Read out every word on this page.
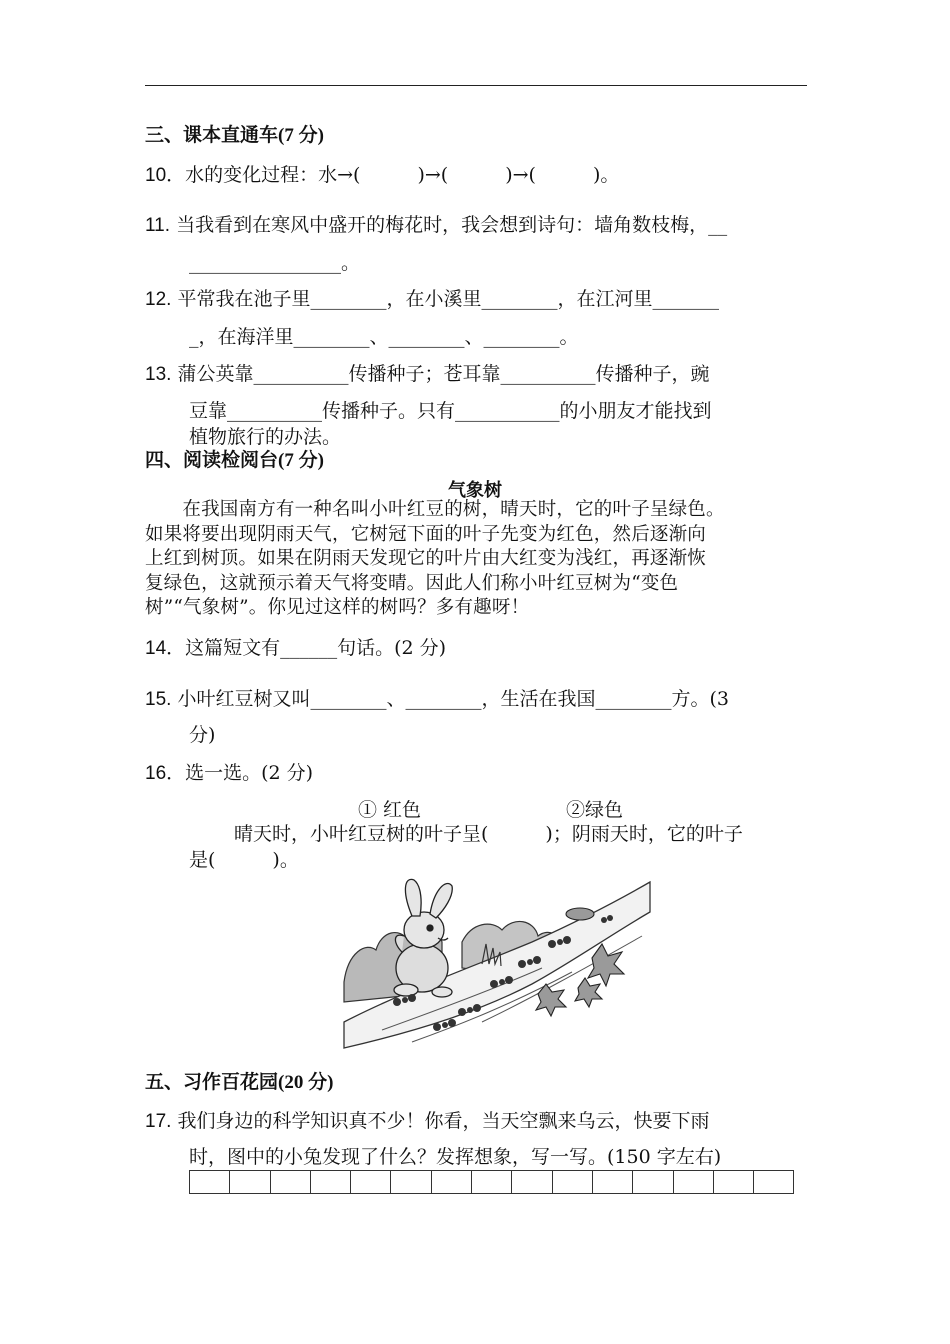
三、课本直通车(7 分)
10．水的变化过程：水→(　　　)→(　　　)→(　　　)。
11. 当我看到在寒风中盛开的梅花时，我会想到诗句：墙角数枝梅，__
________________。
12. 平常我在池子里________，在小溪里________，在江河里_______
_，在海洋里________、________、________。
13. 蒲公英靠__________传播种子；苍耳靠__________传播种子，豌
豆靠__________传播种子。只有___________的小朋友才能找到
植物旅行的办法。
四、阅读检阅台(7 分)
气象树
　　在我国南方有一种名叫小叶红豆的树，晴天时，它的叶子呈绿色。
如果将要出现阴雨天气，它树冠下面的叶子先变为红色，然后逐渐向
上红到树顶。如果在阴雨天发现它的叶片由大红变为浅红，再逐渐恢
复绿色，这就预示着天气将变晴。因此人们称小叶红豆树为“变色
树”“气象树”。你见过这样的树吗？多有趣呀！
14．这篇短文有______句话。(2 分)
15. 小叶红豆树又叫________、________，生活在我国________方。(3
分)
16．选一选。(2 分)
① 红色	②绿色
晴天时，小叶红豆树的叶子呈(　　　)；阴雨天时，它的叶子
是(　　　)。
五、习作百花园(20 分)
17. 我们身边的科学知识真不少！你看，当天空飘来乌云，快要下雨
时，图中的小兔发现了什么？发挥想象，写一写。(150 字左右)
